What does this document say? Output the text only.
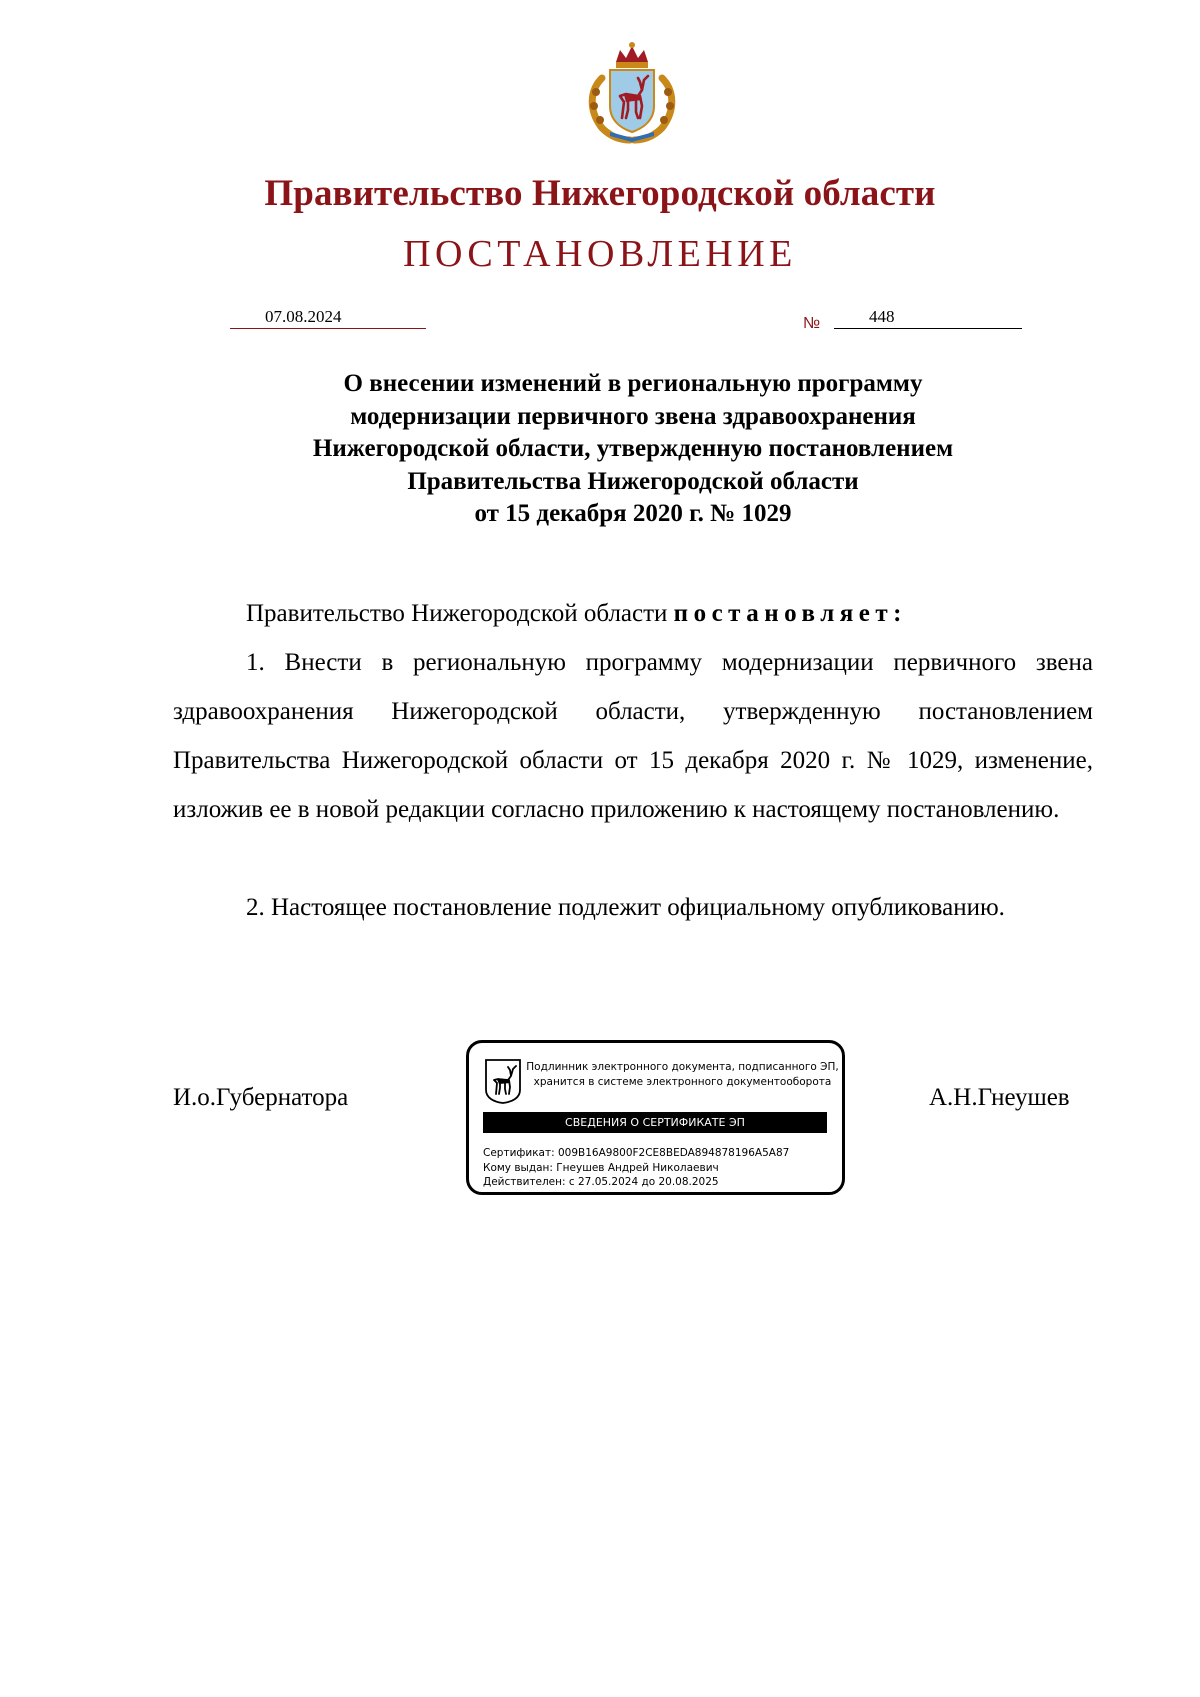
Правительство Нижегородской области
ПОСТАНОВЛЕНИЕ
07.08.2024	№	448
О внесении изменений в региональную программу
модернизации первичного звена здравоохранения
Нижегородской области, утвержденную постановлением
Правительства Нижегородской области
от 15 декабря 2020 г. № 1029
Правительство Нижегородской области постановляет:
1. Внести в региональную программу модернизации первичного звена здравоохранения Нижегородской области, утвержденную постановлением Правительства Нижегородской области от 15 декабря 2020 г. № 1029, изменение, изложив ее в новой редакции согласно приложению к настоящему постановлению.
2. Настоящее постановление подлежит официальному опубликованию.
И.о.Губернатора	А.Н.Гнеушев
Подлинник электронного документа, подписанного ЭП,
хранится в системе электронного документооборота
СВЕДЕНИЯ О СЕРТИФИКАТЕ ЭП
Сертификат: 009B16A9800F2CE8BEDA894878196A5A87
Кому выдан: Гнеушев Андрей Николаевич
Действителен: с 27.05.2024 до 20.08.2025
